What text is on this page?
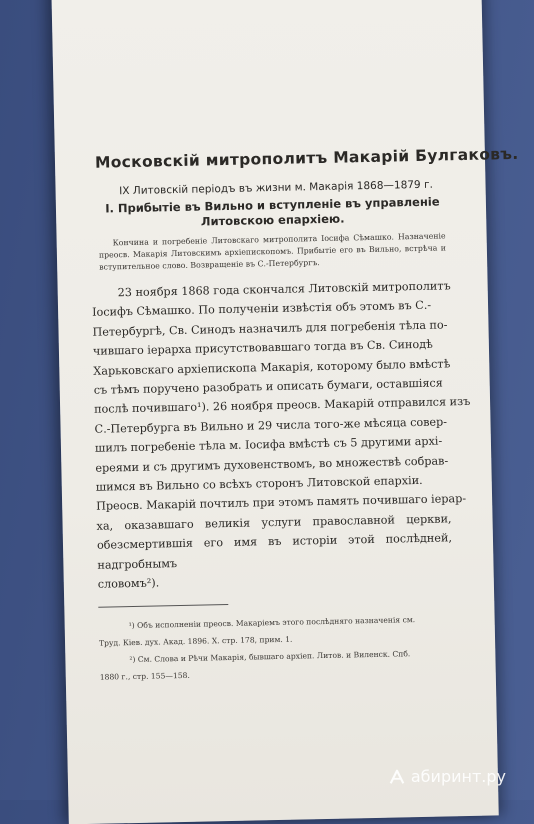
Московскій митрополитъ Макарій Булгаковъ.
IX Литовскій періодъ въ жизни м. Макарія 1868—1879 г.
I. Прибытіе въ Вильно и вступленіе въ управленіе Литовскою епархіею.
Кончина и погребеніе Литовскаго митрополита Іосифа Сѣмашко. Назначеніе преосв. Макарія Литовскимъ архіепископомъ. Прибытіе его въ Вильно, встрѣча и вступительное слово. Возвращеніе въ С.-Петербургъ.
23 ноября 1868 года скончался Литовскій митрополитъ
Іосифъ Сѣмашко. По полученіи извѣстія объ этомъ въ С.-
Петербургѣ, Св. Синодъ назначилъ для погребенія тѣла по-
чившаго іерарха присутствовавшаго тогда въ Св. Синодѣ
Харьковскаго архіепископа Макарія, которому было вмѣстѣ
съ тѣмъ поручено разобрать и описать бумаги, оставшіяся
послѣ почившаго¹). 26 ноября преосв. Макарій отправился изъ
С.-Петербурга въ Вильно и 29 числа того-же мѣсяца совер-
шилъ погребеніе тѣла м. Іосифа вмѣстѣ съ 5 другими архі-
ереями и съ другимъ духовенствомъ, во множествѣ собрав-
шимся въ Вильно со всѣхъ сторонъ Литовской епархіи.
Преосв. Макарій почтилъ при этомъ память почившаго іерар-
ха, оказавшаго великія услуги православной церкви, обезсмертившія его имя въ исторіи этой послѣдней, надгробнымъ
словомъ²).
¹) Объ исполненіи преосв. Макаріемъ этого послѣдняго назначенія см.
Труд. Кіев. дух. Акад. 1896. X. стр. 178, прим. 1.
²) См. Слова и Рѣчи Макарія, бывшаго архіеп. Литов. и Виленск. Спб.
1880 г., стр. 155—158.
абиринт.ру
